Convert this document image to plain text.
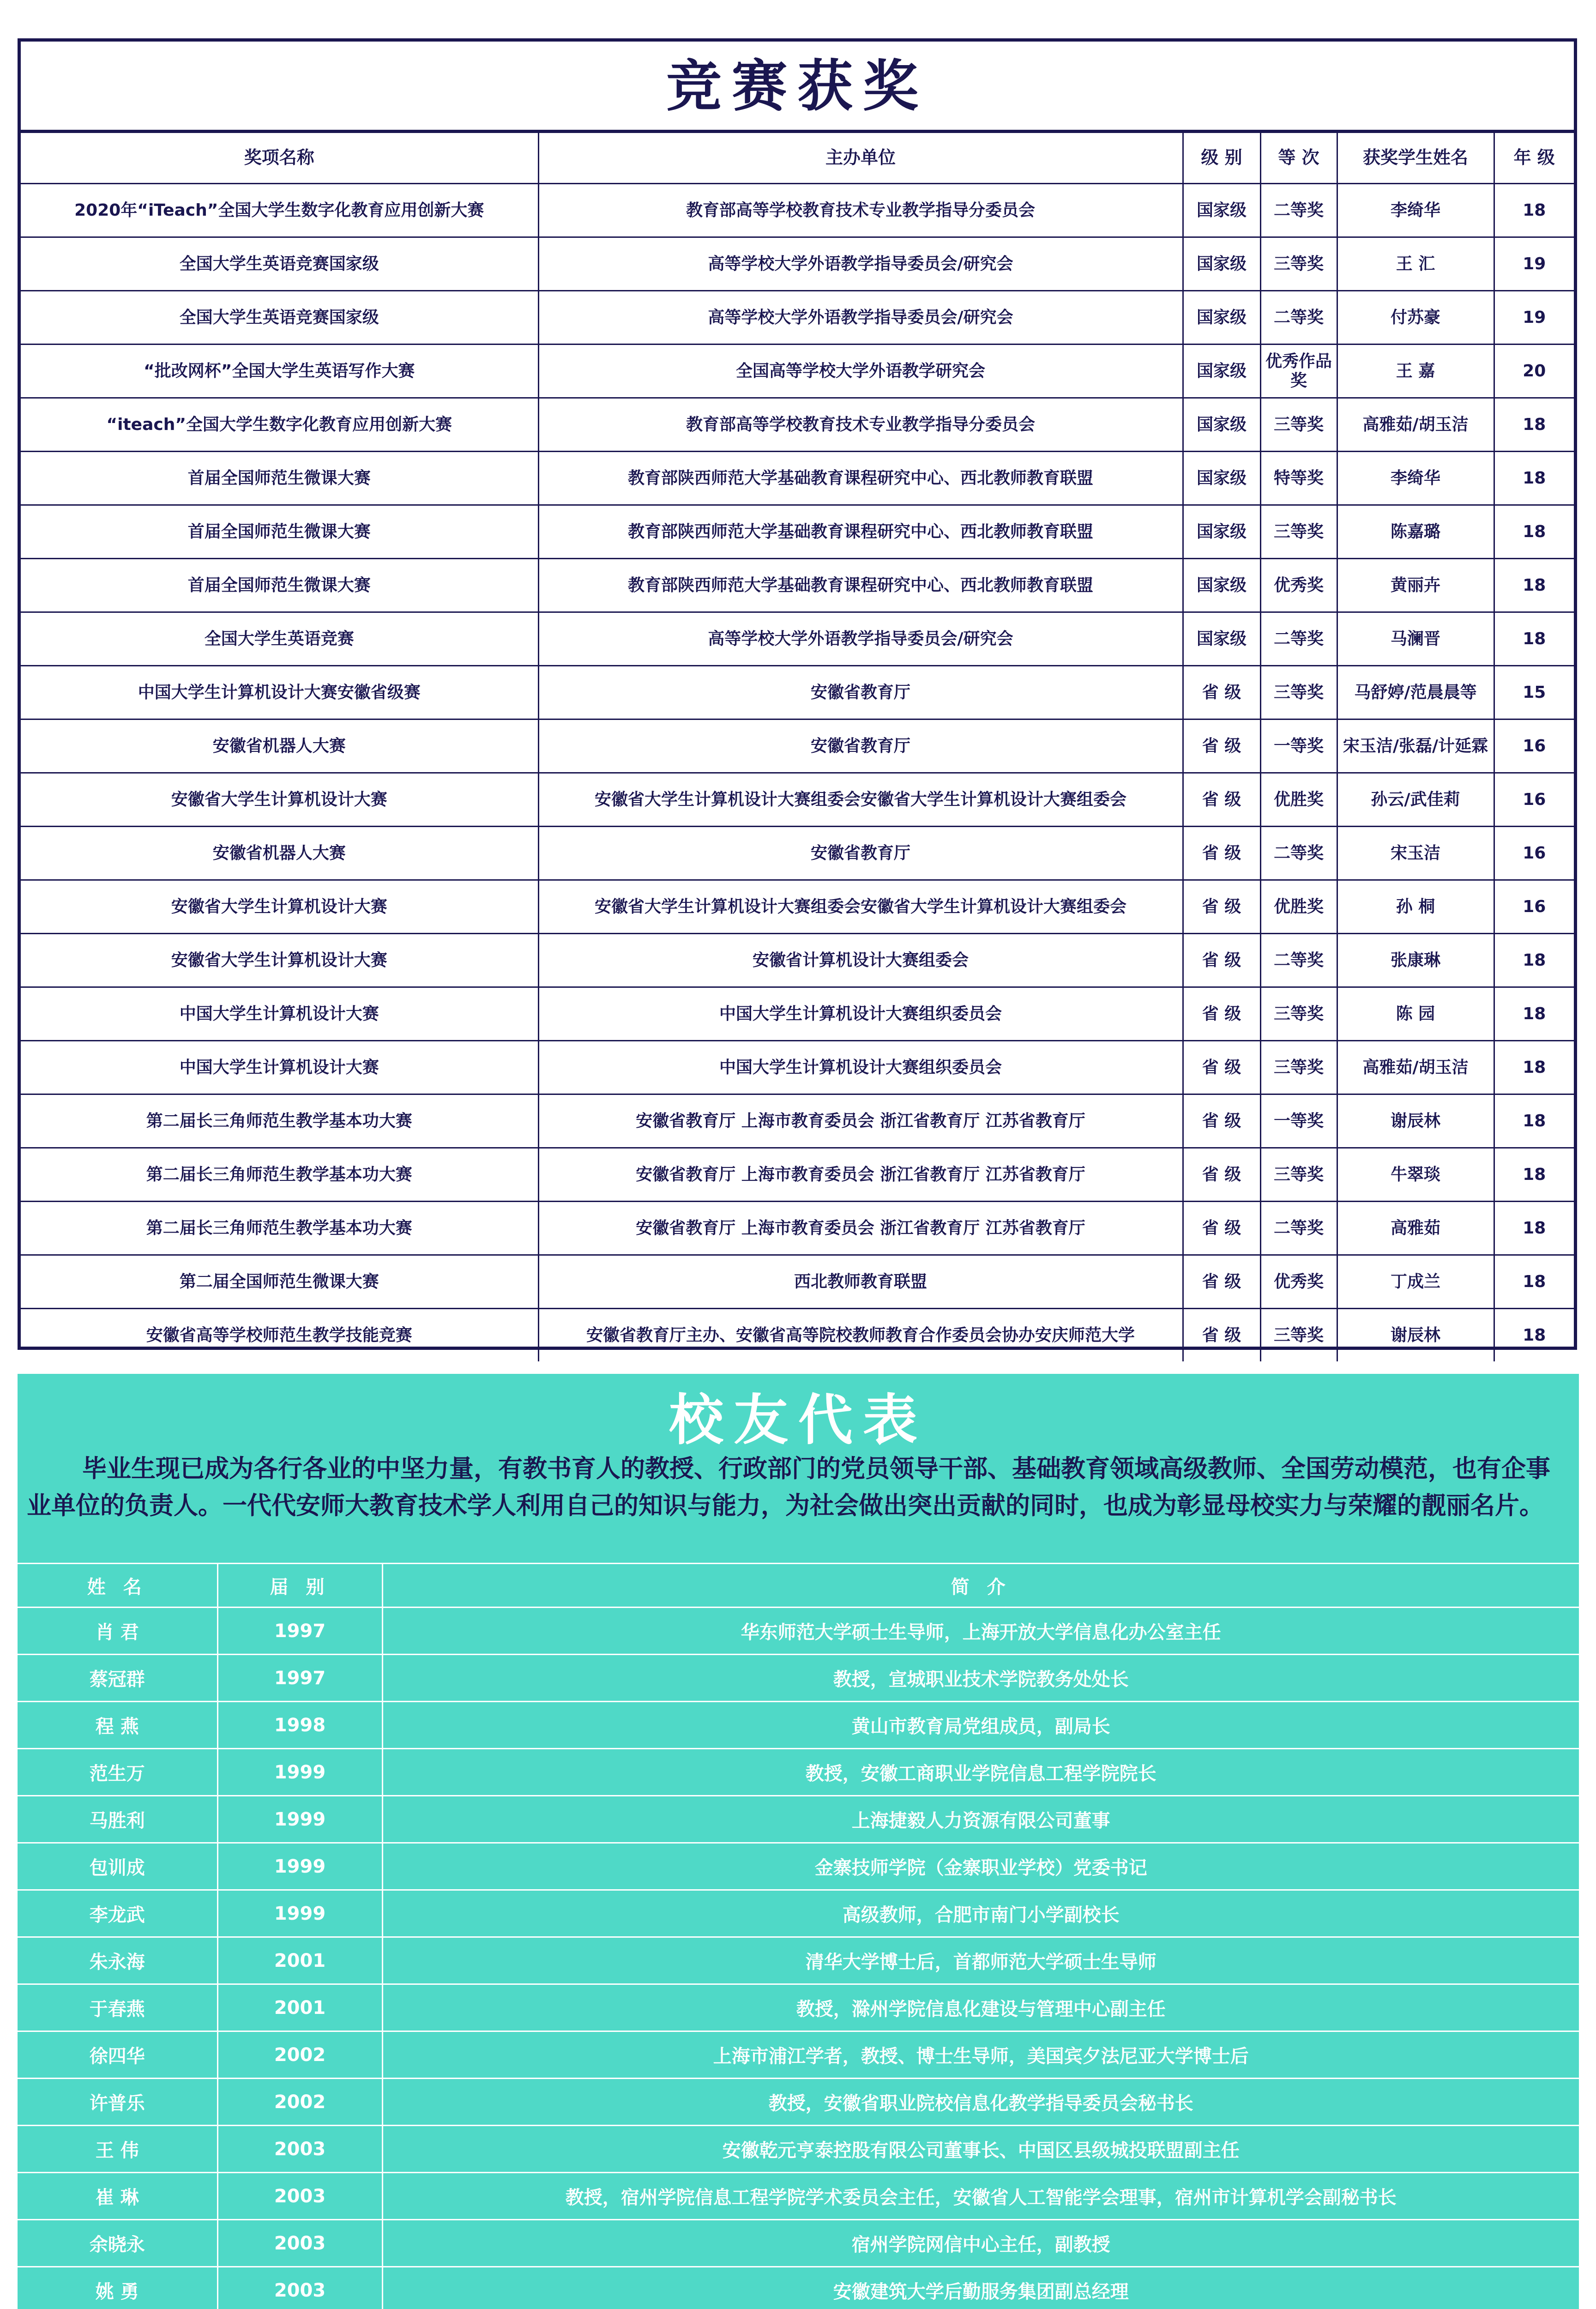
竞赛获奖
奖项名称	主办单位	级 别	等 次	获奖学生姓名	年 级
2020年“iTeach”全国大学生数字化教育应用创新大赛	教育部高等学校教育技术专业教学指导分委员会	国家级	二等奖	李绮华	18
全国大学生英语竞赛国家级	高等学校大学外语教学指导委员会/研究会	国家级	三等奖	王 汇	19
全国大学生英语竞赛国家级	高等学校大学外语教学指导委员会/研究会	国家级	二等奖	付苏豪	19
“批改网杯”全国大学生英语写作大赛	全国高等学校大学外语教学研究会	国家级	优秀作品奖	王 嘉	20
“iteach”全国大学生数字化教育应用创新大赛	教育部高等学校教育技术专业教学指导分委员会	国家级	三等奖	高雅茹/胡玉洁	18
首届全国师范生微课大赛	教育部陕西师范大学基础教育课程研究中心、西北教师教育联盟	国家级	特等奖	李绮华	18
首届全国师范生微课大赛	教育部陕西师范大学基础教育课程研究中心、西北教师教育联盟	国家级	三等奖	陈嘉璐	18
首届全国师范生微课大赛	教育部陕西师范大学基础教育课程研究中心、西北教师教育联盟	国家级	优秀奖	黄丽卉	18
全国大学生英语竞赛	高等学校大学外语教学指导委员会/研究会	国家级	二等奖	马澜晋	18
中国大学生计算机设计大赛安徽省级赛	安徽省教育厅	省 级	三等奖	马舒婷/范晨晨等	15
安徽省机器人大赛	安徽省教育厅	省 级	一等奖	宋玉洁/张磊/计延霖	16
安徽省大学生计算机设计大赛	安徽省大学生计算机设计大赛组委会安徽省大学生计算机设计大赛组委会	省 级	优胜奖	孙云/武佳莉	16
安徽省机器人大赛	安徽省教育厅	省 级	二等奖	宋玉洁	16
安徽省大学生计算机设计大赛	安徽省大学生计算机设计大赛组委会安徽省大学生计算机设计大赛组委会	省 级	优胜奖	孙 桐	16
安徽省大学生计算机设计大赛	安徽省计算机设计大赛组委会	省 级	二等奖	张康琳	18
中国大学生计算机设计大赛	中国大学生计算机设计大赛组织委员会	省 级	三等奖	陈 园	18
中国大学生计算机设计大赛	中国大学生计算机设计大赛组织委员会	省 级	三等奖	高雅茹/胡玉洁	18
第二届长三角师范生教学基本功大赛	安徽省教育厅 上海市教育委员会 浙江省教育厅 江苏省教育厅	省 级	一等奖	谢辰林	18
第二届长三角师范生教学基本功大赛	安徽省教育厅 上海市教育委员会 浙江省教育厅 江苏省教育厅	省 级	三等奖	牛翠琰	18
第二届长三角师范生教学基本功大赛	安徽省教育厅 上海市教育委员会 浙江省教育厅 江苏省教育厅	省 级	二等奖	高雅茹	18
第二届全国师范生微课大赛	西北教师教育联盟	省 级	优秀奖	丁成兰	18
安徽省高等学校师范生教学技能竞赛	安徽省教育厅主办、安徽省高等院校教师教育合作委员会协办安庆师范大学	省 级	三等奖	谢辰林	18
校友代表
毕业生现已成为各行各业的中坚力量，有教书育人的教授、行政部门的党员领导干部、基础教育领域高级教师、全国劳动模范，也有企事业单位的负责人。一代代安师大教育技术学人利用自己的知识与能力，为社会做出突出贡献的同时，也成为彰显母校实力与荣耀的靓丽名片。
姓 名	届 别	简 介
肖 君	1997	华东师范大学硕士生导师，上海开放大学信息化办公室主任
蔡冠群	1997	教授，宣城职业技术学院教务处处长
程 燕	1998	黄山市教育局党组成员，副局长
范生万	1999	教授，安徽工商职业学院信息工程学院院长
马胜利	1999	上海捷毅人力资源有限公司董事
包训成	1999	金寨技师学院（金寨职业学校）党委书记
李龙武	1999	高级教师，合肥市南门小学副校长
朱永海	2001	清华大学博士后，首都师范大学硕士生导师
于春燕	2001	教授，滁州学院信息化建设与管理中心副主任
徐四华	2002	上海市浦江学者，教授、博士生导师，美国宾夕法尼亚大学博士后
许普乐	2002	教授，安徽省职业院校信息化教学指导委员会秘书长
王 伟	2003	安徽乾元亨泰控股有限公司董事长、中国区县级城投联盟副主任
崔 琳	2003	教授，宿州学院信息工程学院学术委员会主任，安徽省人工智能学会理事，宿州市计算机学会副秘书长
余晓永	2003	宿州学院网信中心主任，副教授
姚 勇	2003	安徽建筑大学后勤服务集团副总经理
